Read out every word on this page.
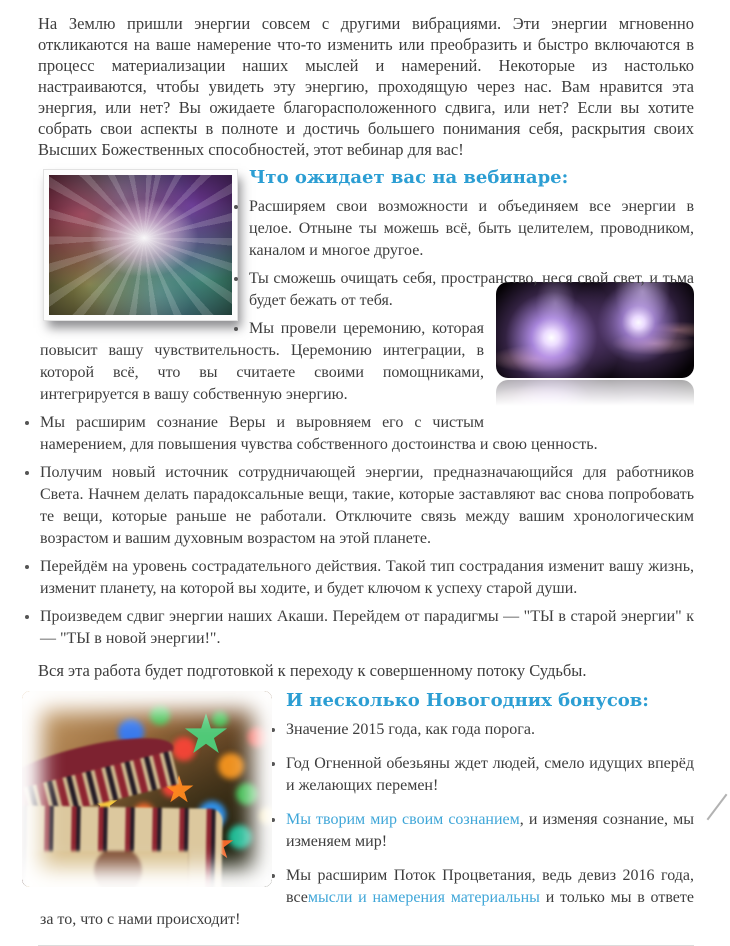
На Землю пришли энергии совсем с другими вибрациями. Эти энергии мгновенно откликаются на ваше намерение что-то изменить или преобразить и быстро включаются в процесс материализации наших мыслей и намерений. Некоторые из настолько настраиваются, чтобы увидеть эту энергию, проходящую через нас. Вам нравится эта энергия, или нет? Вы ожидаете благорасположенного сдвига, или нет? Если вы хотите собрать свои аспекты в полноте и достичь большего понимания себя, раскрытия своих Высших Божественных способностей, этот вебинар для вас!

Что ожидает вас на вебинаре:
• Расширяем свои возможности и объединяем все энергии в целое. Отныне ты можешь всё, быть целителем, проводником, каналом и многое другое.
• Ты сможешь очищать себя, пространство, неся свой свет, и тьма будет бежать от тебя.
• Мы провели церемонию, которая повысит вашу чувствительность. Церемонию интеграции, в которой всё, что вы считаете своими помощниками, интегрируется в вашу собственную энергию.
• Мы расширим сознание Веры и выровняем его с чистым намерением, для повышения чувства собственного достоинства и свою ценность.
• Получим новый источник сотрудничающей энергии, предназначающийся для работников Света. Начнем делать парадоксальные вещи, такие, которые заставляют вас снова попробовать те вещи, которые раньше не работали. Отключите связь между вашим хронологическим возрастом и вашим духовным возрастом на этой планете.
• Перейдём на уровень сострадательного действия. Такой тип сострадания изменит вашу жизнь, изменит планету, на которой вы ходите, и будет ключом к успеху старой души.
• Произведем сдвиг энергии наших Акаши. Перейдем от парадигмы — "ТЫ в старой энергии" к — "ТЫ в новой энергии!".

Вся эта работа будет подготовкой к переходу к совершенному потоку Судьбы.

И несколько Новогодних бонусов:
• Значение 2015 года, как года порога.
• Год Огненной обезьяны ждет людей, смело идущих вперёд и желающих перемен!
• Мы творим мир своим сознанием, и изменяя сознание, мы изменяем мир!
• Мы расширим Поток Процветания, ведь девиз 2016 года, всемысли и намерения материальны и только мы в ответе за то, что с нами происходит!
